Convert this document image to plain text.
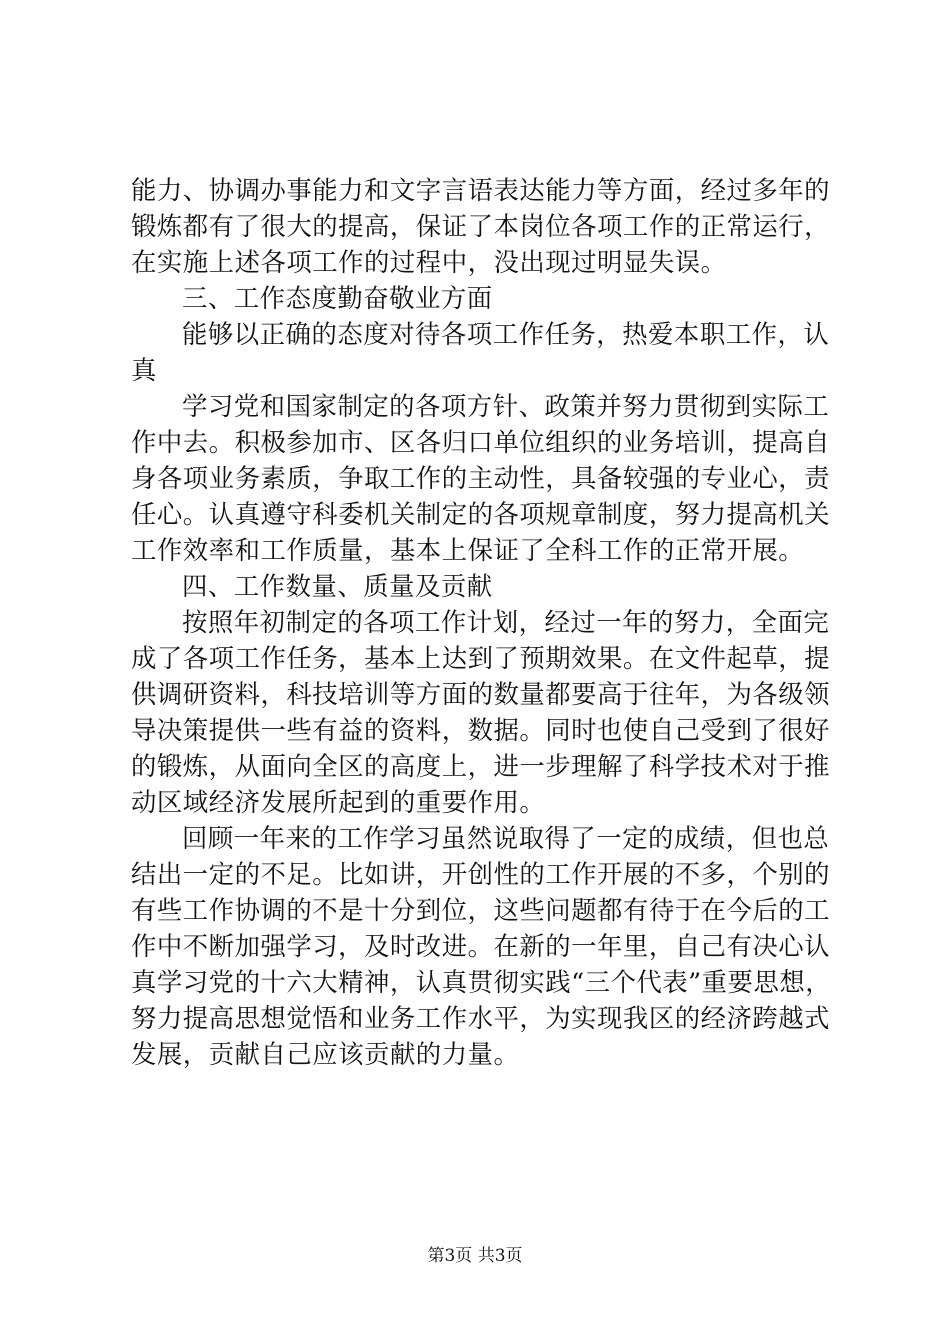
能力、协调办事能力和文字言语表达能力等方面，经过多年的
锻炼都有了很大的提高，保证了本岗位各项工作的正常运行，
在实施上述各项工作的过程中，没出现过明显失误。
三、工作态度勤奋敬业方面
能够以正确的态度对待各项工作任务，热爱本职工作，认
真
学习党和国家制定的各项方针、政策并努力贯彻到实际工
作中去。积极参加市、区各归口单位组织的业务培训，提高自
身各项业务素质，争取工作的主动性，具备较强的专业心，责
任心。认真遵守科委机关制定的各项规章制度，努力提高机关
工作效率和工作质量，基本上保证了全科工作的正常开展。
四、工作数量、质量及贡献
按照年初制定的各项工作计划，经过一年的努力，全面完
成了各项工作任务，基本上达到了预期效果。在文件起草，提
供调研资料，科技培训等方面的数量都要高于往年，为各级领
导决策提供一些有益的资料，数据。同时也使自己受到了很好
的锻炼，从面向全区的高度上，进一步理解了科学技术对于推
动区域经济发展所起到的重要作用。
回顾一年来的工作学习虽然说取得了一定的成绩，但也总
结出一定的不足。比如讲，开创性的工作开展的不多，个别的
有些工作协调的不是十分到位，这些问题都有待于在今后的工
作中不断加强学习，及时改进。在新的一年里，自己有决心认
真学习党的十六大精神，认真贯彻实践“三个代表”重要思想，
努力提高思想觉悟和业务工作水平，为实现我区的经济跨越式
发展，贡献自己应该贡献的力量。
第3页 共3页
